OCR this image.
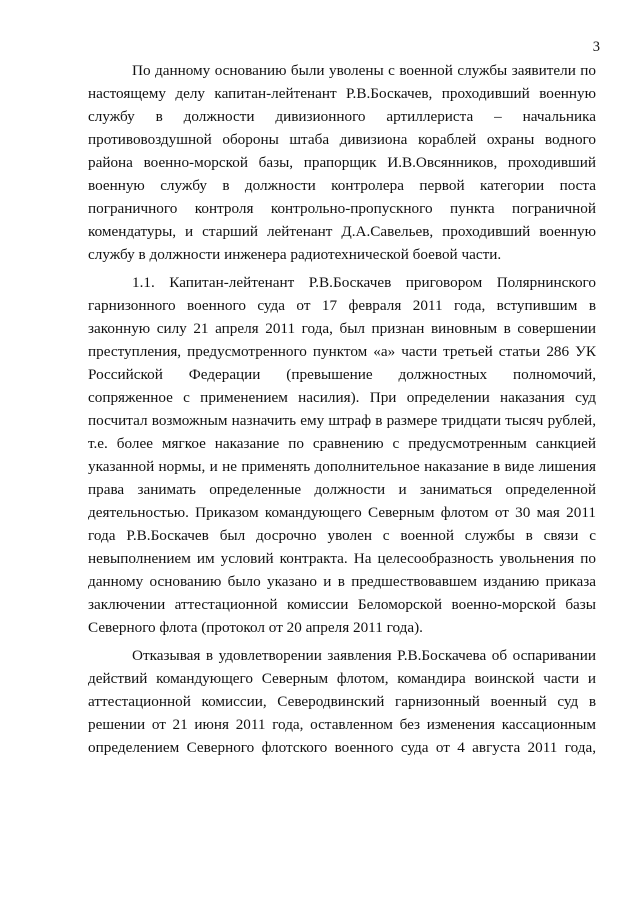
3
По данному основанию были уволены с военной службы заявители по
настоящему делу капитан-лейтенант Р.В.Боскачев, проходивший военную
службу в должности дивизионного артиллериста – начальника
противовоздушной обороны штаба дивизиона кораблей охраны водного
района военно-морской базы, прапорщик И.В.Овсянников, проходивший
военную службу в должности контролера первой категории поста
пограничного контроля контрольно-пропускного пункта пограничной
комендатуры, и старший лейтенант Д.А.Савельев, проходивший военную
службу в должности инженера радиотехнической боевой части.
1.1. Капитан-лейтенант Р.В.Боскачев приговором Полярнинского
гарнизонного военного суда от 17 февраля 2011 года, вступившим в
законную силу 21 апреля 2011 года, был признан виновным в совершении
преступления, предусмотренного пунктом «а» части третьей статьи 286 УК
Российской Федерации (превышение должностных полномочий,
сопряженное с применением насилия). При определении наказания суд
посчитал возможным назначить ему штраф в размере тридцати тысяч рублей,
т.е. более мягкое наказание по сравнению с предусмотренным санкцией
указанной нормы, и не применять дополнительное наказание в виде лишения
права занимать определенные должности и заниматься определенной
деятельностью. Приказом командующего Северным флотом от 30 мая 2011
года Р.В.Боскачев был досрочно уволен с военной службы в связи с
невыполнением им условий контракта. На целесообразность увольнения по
данному основанию было указано и в предшествовавшем изданию приказа
заключении аттестационной комиссии Беломорской военно-морской базы
Северного флота (протокол от 20 апреля 2011 года).
Отказывая в удовлетворении заявления Р.В.Боскачева об оспаривании
действий командующего Северным флотом, командира воинской части и
аттестационной комиссии, Северодвинский гарнизонный военный суд в
решении от 21 июня 2011 года, оставленном без изменения кассационным
определением Северного флотского военного суда от 4 августа 2011 года,
